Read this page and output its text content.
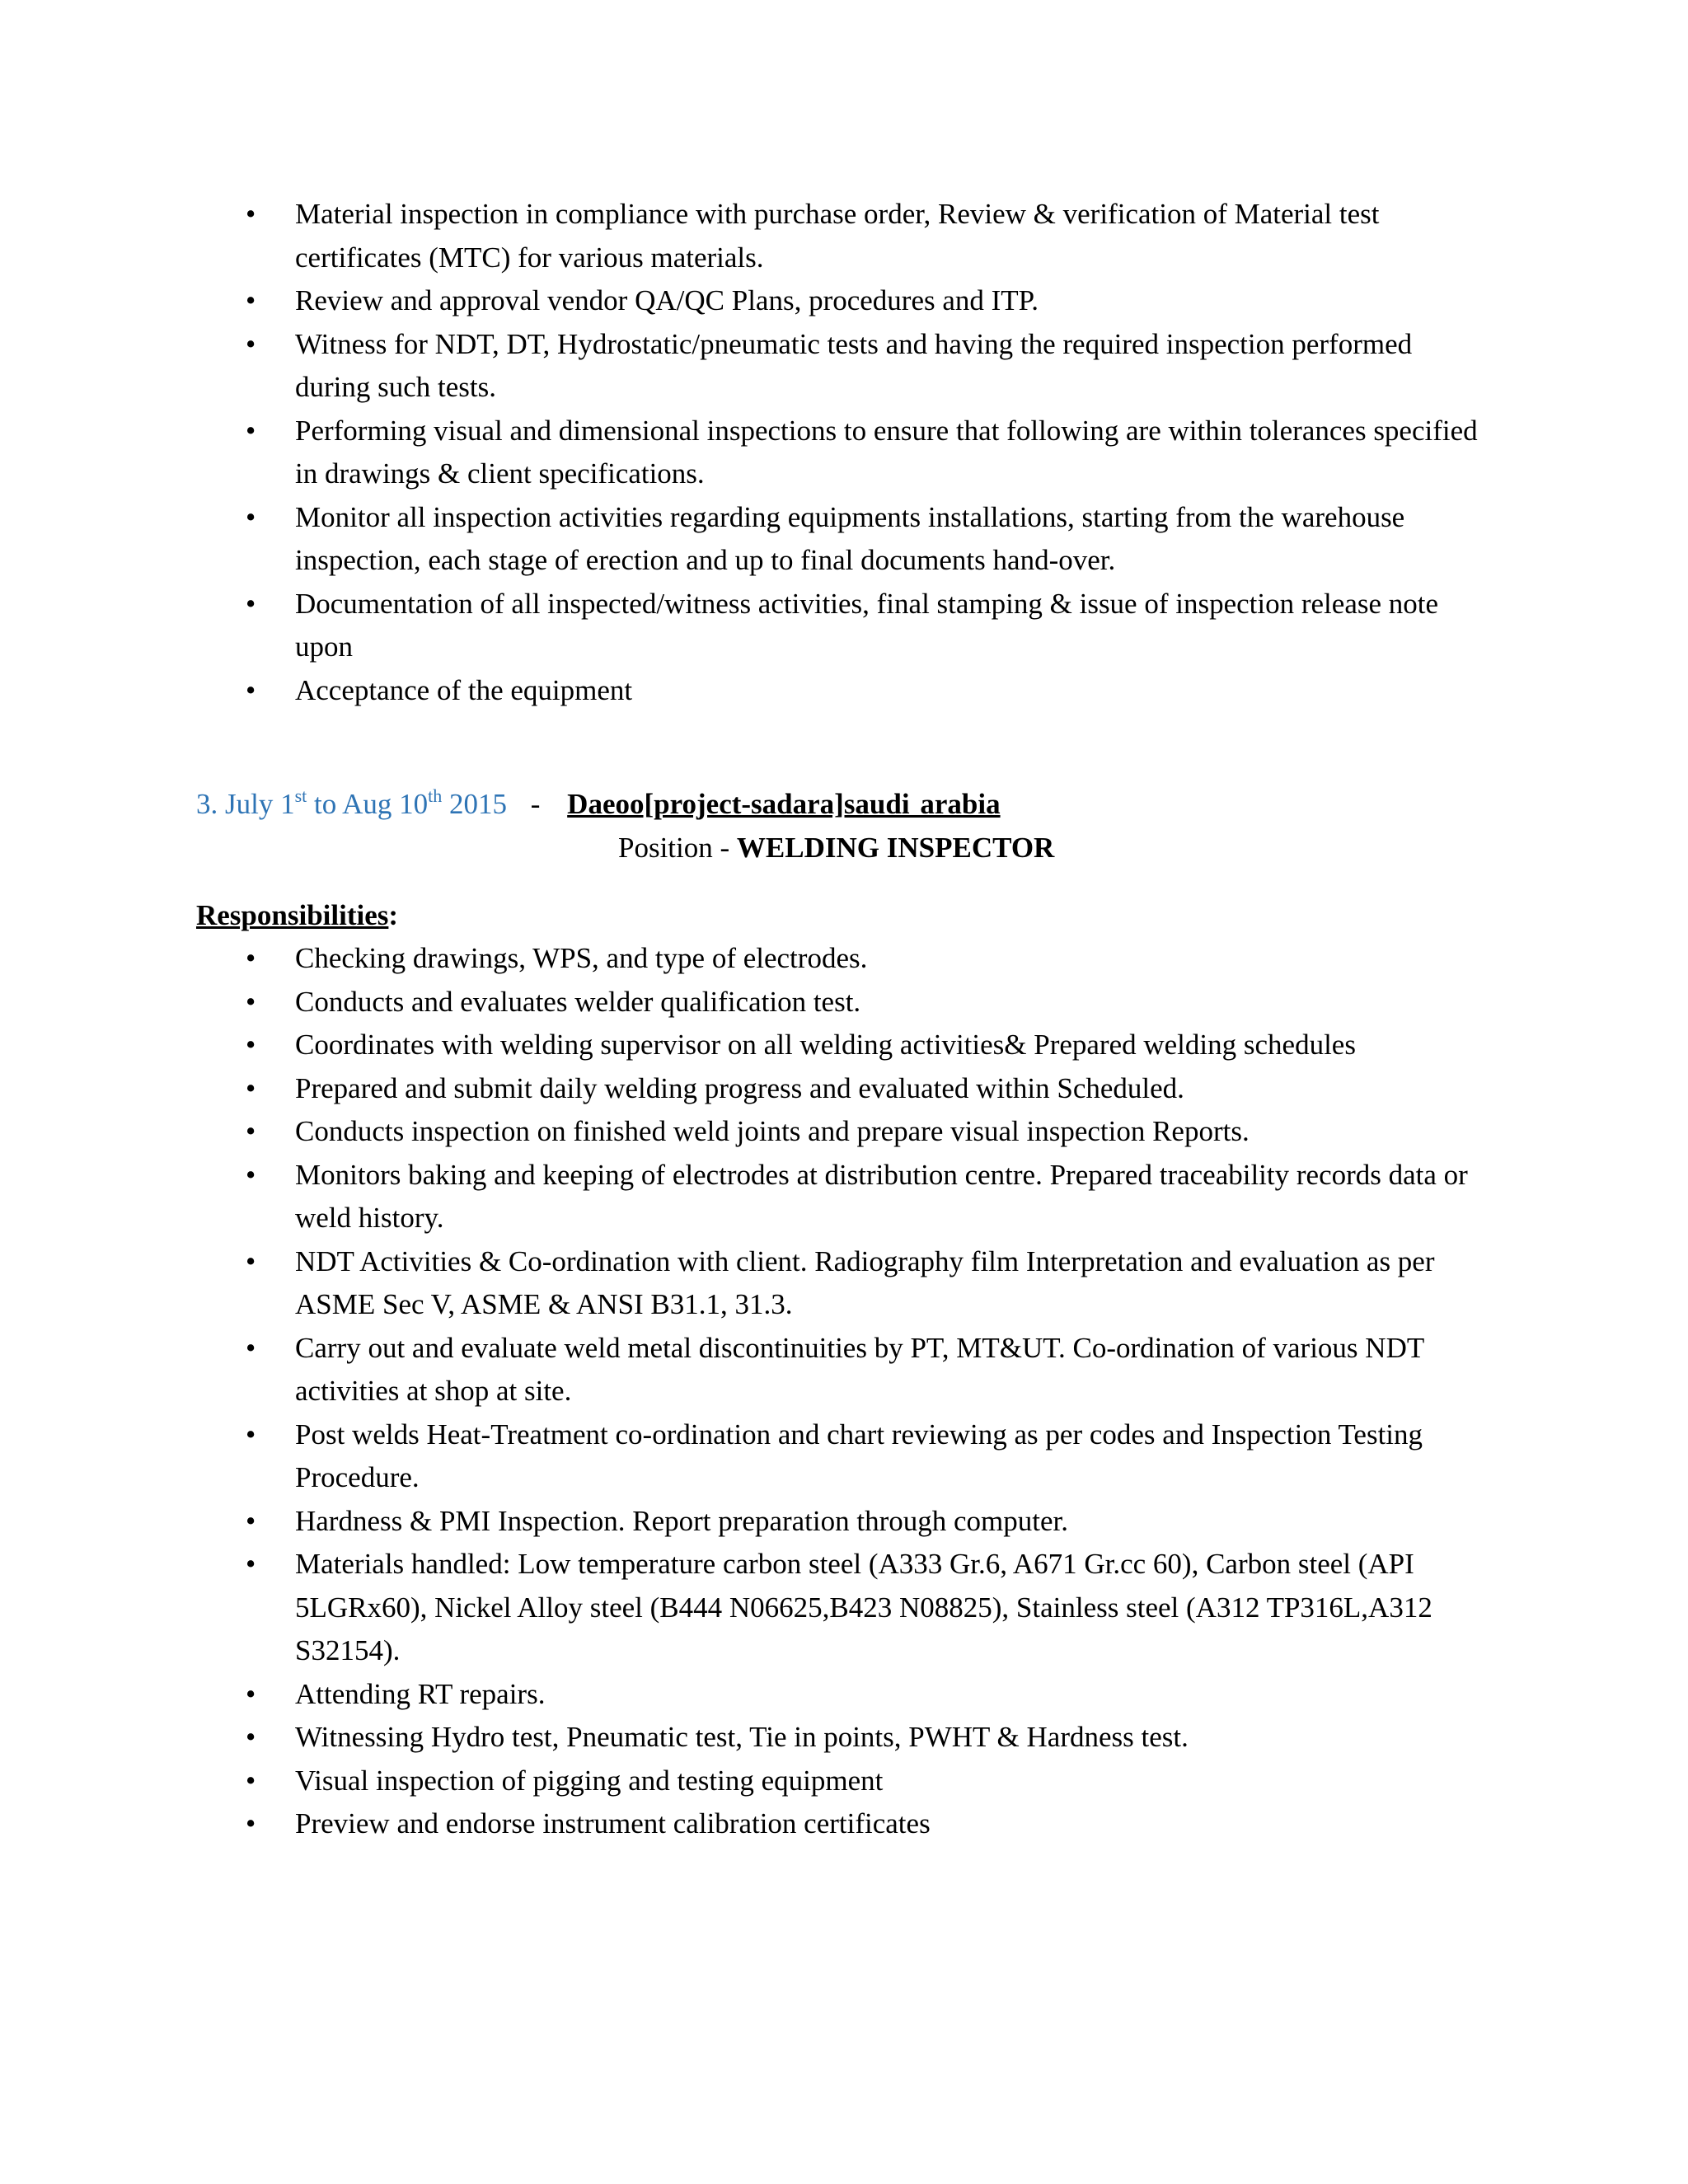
•	Material inspection in compliance with purchase order, Review & verification of Material test certificates (MTC) for various materials.
•	Review and approval vendor QA/QC Plans, procedures and ITP.
•	Witness for NDT, DT, Hydrostatic/pneumatic tests and having the required inspection performed during such tests.
•	Performing visual and dimensional inspections to ensure that following are within tolerances specified in drawings & client specifications.
•	Monitor all inspection activities regarding equipments installations, starting from the warehouse inspection, each stage of erection and up to final documents hand-over.
•	Documentation of all inspected/witness activities, final stamping & issue of inspection release note upon
•	Acceptance of the equipment
3. July 1st to Aug 10th 2015 - Daeoo[project-sadara]saudi arabia
Position - WELDING INSPECTOR
Responsibilities:
•	Checking drawings, WPS, and type of electrodes.
•	Conducts and evaluates welder qualification test.
•	Coordinates with welding supervisor on all welding activities& Prepared welding schedules
•	Prepared and submit daily welding progress and evaluated within Scheduled.
•	Conducts inspection on finished weld joints and prepare visual inspection Reports.
•	Monitors baking and keeping of electrodes at distribution centre. Prepared traceability records data or weld history.
•	NDT Activities & Co-ordination with client. Radiography film Interpretation and evaluation as per ASME Sec V, ASME & ANSI B31.1, 31.3.
•	Carry out and evaluate weld metal discontinuities by PT, MT&UT. Co-ordination of various NDT activities at shop at site.
•	Post welds Heat-Treatment co-ordination and chart reviewing as per codes and Inspection Testing Procedure.
•	Hardness & PMI Inspection. Report preparation through computer.
•	Materials handled: Low temperature carbon steel (A333 Gr.6, A671 Gr.cc 60), Carbon steel (API 5LGRx60), Nickel Alloy steel (B444 N06625,B423 N08825), Stainless steel (A312 TP316L,A312 S32154).
•	Attending RT repairs.
•	Witnessing Hydro test, Pneumatic test, Tie in points, PWHT & Hardness test.
•	Visual inspection of pigging and testing equipment
•	Preview and endorse instrument calibration certificates
